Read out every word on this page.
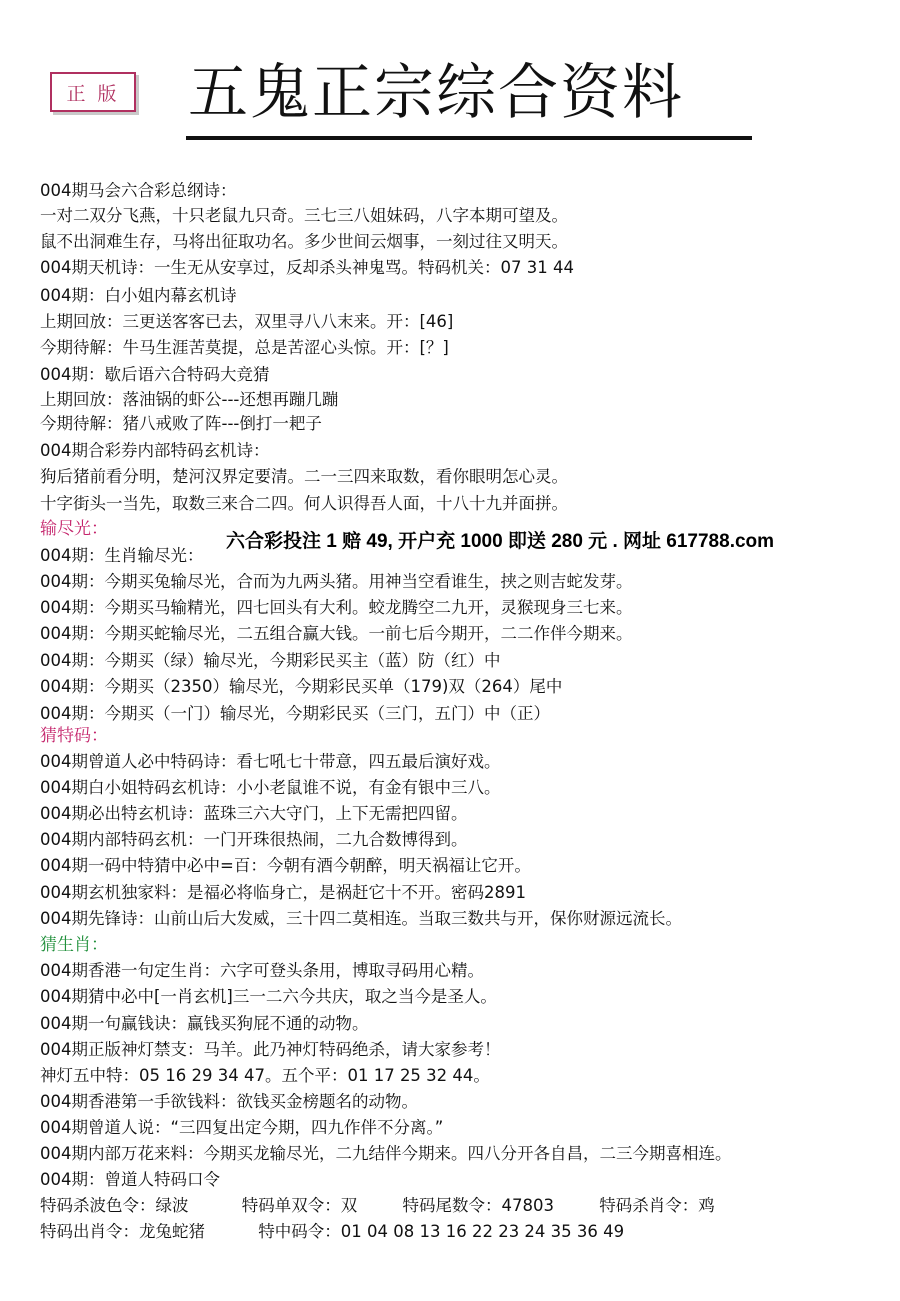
正 版 五鬼正宗综合资料
004期马会六合彩总纲诗：
一对二双分飞燕，十只老鼠九只奇。三七三八姐妹码，八字本期可望及。
鼠不出洞难生存，马将出征取功名。多少世间云烟事，一刻过往又明天。
004期天机诗：一生无从安享过，反却杀头神鬼骂。特码机关：07 31 44
004期：白小姐内幕玄机诗
上期回放：三更送客客已去，双里寻八八末来。开：[46]
今期待解：牛马生涯苦莫提，总是苦涩心头惊。开：[？]
004期：歇后语六合特码大竞猜
上期回放：落油锅的虾公---还想再蹦几蹦
今期待解：猪八戒败了阵---倒打一耙子
004期合彩券内部特码玄机诗：
狗后猪前看分明，楚河汉界定要清。二一三四来取数，看你眼明怎心灵。
十字街头一当先，取数三来合二四。何人识得吾人面，十八十九并面拼。
输尽光：
六合彩投注 1 赔 49, 开户充 1000 即送 280 元 . 网址 617788.com
004期：生肖输尽光：
004期：今期买兔输尽光，合而为九两头猪。用神当空看谁生，挟之则吉蛇发芽。
004期：今期买马输精光，四七回头有大利。蛟龙腾空二九开，灵猴现身三七来。
004期：今期买蛇输尽光，二五组合赢大钱。一前七后今期开，二二作伴今期来。
004期：今期买（绿）输尽光，今期彩民买主（蓝）防（红）中
004期：今期买（2350）输尽光，今期彩民买单（179)双（264）尾中
004期：今期买（一门）输尽光，今期彩民买（三门，五门）中（正）
猜特码：
004期曾道人必中特码诗：看七吼七十带意，四五最后演好戏。
004期白小姐特码玄机诗：小小老鼠谁不说，有金有银中三八。
004期必出特玄机诗：蓝珠三六大守门，上下无需把四留。
004期内部特码玄机：一门开珠很热闹，二九合数博得到。
004期一码中特猜中必中=百：今朝有酒今朝醉，明天祸福让它开。
004期玄机独家料：是福必将临身亡，是祸赶它十不开。密码2891
004期先锋诗：山前山后大发威，三十四二莫相连。当取三数共与开，保你财源远流长。
猜生肖：
004期香港一句定生肖：六字可登头条用，博取寻码用心精。
004期猜中必中[一肖玄机]三一二六今共庆，取之当今是圣人。
004期一句赢钱诀：赢钱买狗屁不通的动物。
004期正版神灯禁支：马羊。此乃神灯特码绝杀，请大家参考！
神灯五中特：05 16 29 34 47。五个平：01 17 25 32 44。
004期香港第一手欲钱料：欲钱买金榜题名的动物。
004期曾道人说：“三四复出定今期，四九作伴不分离。”
004期内部万花来料：今期买龙输尽光，二九结伴今期来。四八分开各自昌，二三今期喜相连。
004期：曾道人特码口令
特码杀波色令：绿波	特码单双令：双	特码尾数令：47803	特码杀肖令：鸡
特码出肖令：龙兔蛇猪	特中码令：01 04 08 13 16 22 23 24 35 36 49
